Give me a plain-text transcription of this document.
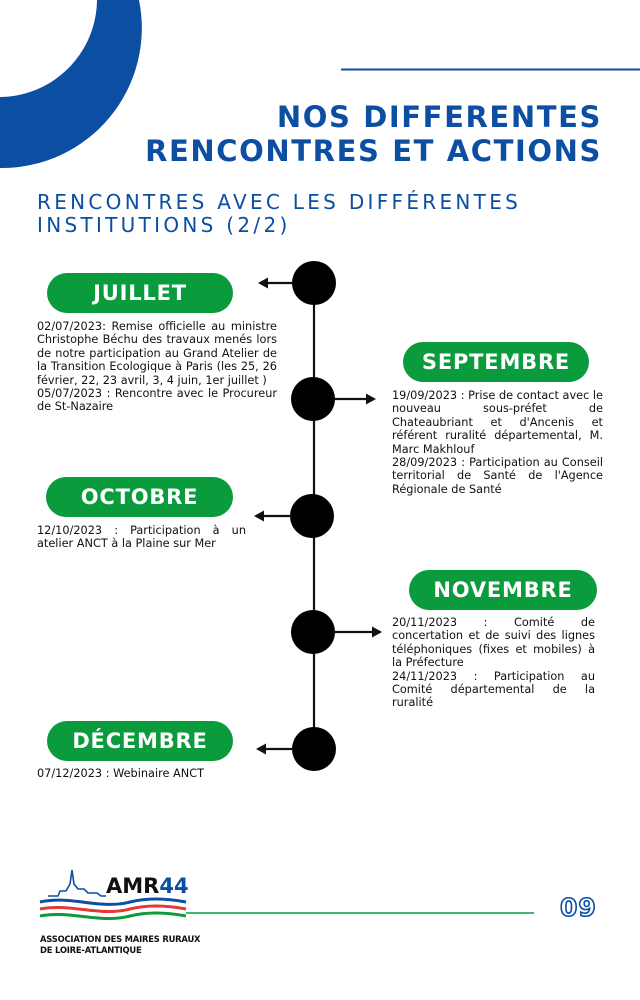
NOS DIFFERENTES
RENCONTRES ET ACTIONS
RENCONTRES AVEC LES DIFFÉRENTES
INSTITUTIONS (2/2)
JUILLET

02/07/2023: Remise officielle au ministre Christophe Béchu des travaux menés lors de notre participation au Grand Atelier de la Transition Ecologique à Paris (les 25, 26 février, 22, 23 avril, 3, 4 juin, 1er juillet )

05/07/2023 : Rencontre avec le Procureur de St-Nazaire

SEPTEMBRE

19/09/2023 : Prise de contact avec le nouveau sous-préfet de Chateaubriant et d'Ancenis et référent ruralité départemental, M. Marc Makhlouf

28/09/2023 : Participation au Conseil territorial de Santé de l'Agence Régionale de Santé

OCTOBRE

12/10/2023 : Participation à un atelier ANCT à la Plaine sur Mer

NOVEMBRE

20/11/2023 : Comité de concertation et de suivi des lignes téléphoniques (fixes et mobiles) à la Préfecture

24/11/2023 : Participation au Comité départemental de la ruralité

DÉCEMBRE

07/12/2023 : Webinaire ANCT

AMR44
ASSOCIATION DES MAIRES RURAUX
DE LOIRE-ATLANTIQUE
09
